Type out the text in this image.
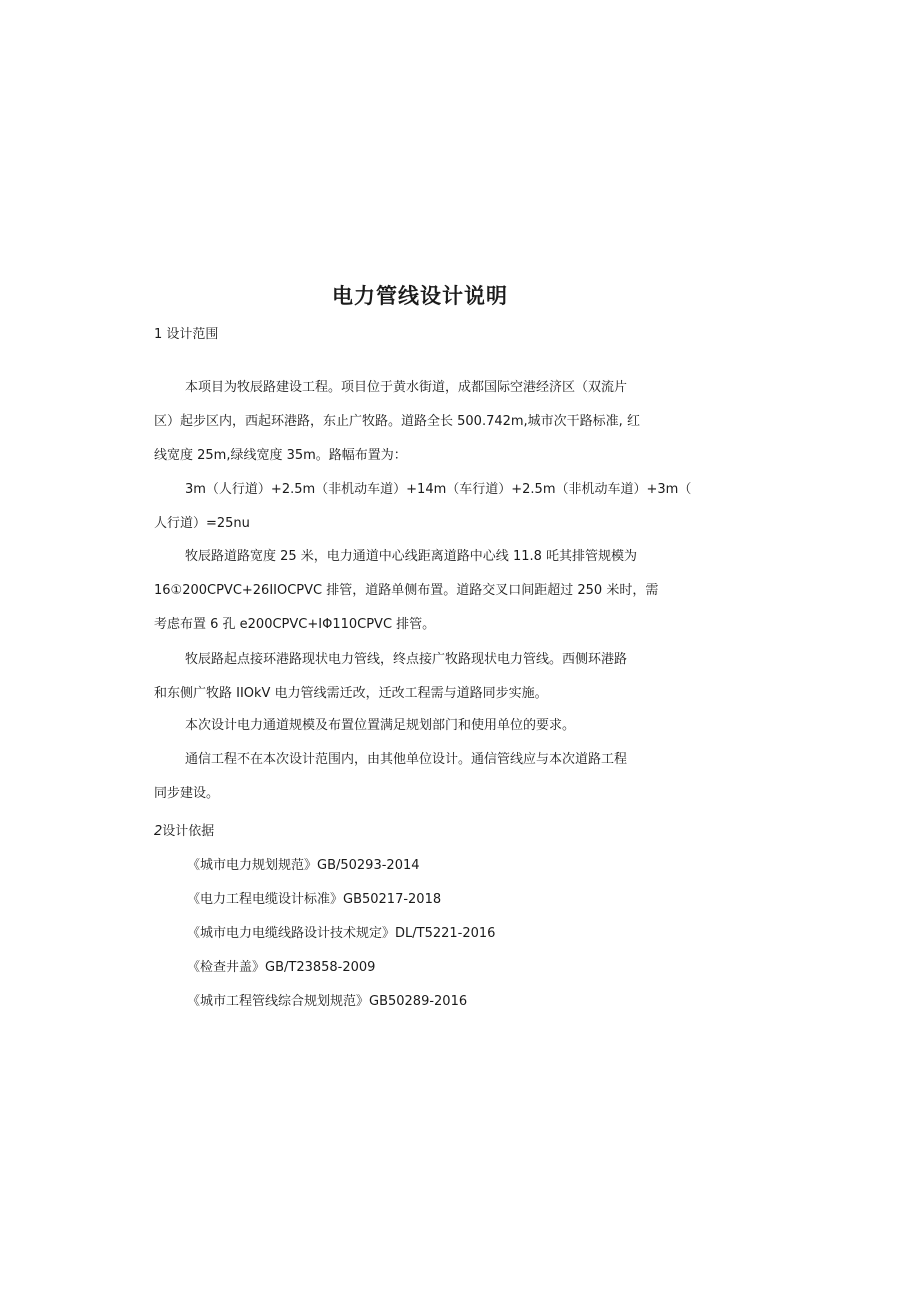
电力管线设计说明
1 设计范围
本项目为牧辰路建设工程。项目位于黄水街道，成都国际空港经济区（双流片
区）起步区内，西起环港路，东止广牧路。道路全长 500.742m,城市次干路标准, 红
线宽度 25m,绿线宽度 35m。路幅布置为：
3m（人行道）+2.5m（非机动车道）+14m（车行道）+2.5m（非机动车道）+3m（
人行道）=25nu
牧辰路道路宽度 25 米，电力通道中心线距离道路中心线 11.8 吒其排管规模为
16①200CPVC+26IIOCPVC 排管，道路单侧布置。道路交叉口间距超过 250 米时，需
考虑布置 6 孔 e200CPVC+IΦ110CPVC 排管。
牧辰路起点接环港路现状电力管线，终点接广牧路现状电力管线。西侧环港路
和东侧广牧路 IIOkV 电力管线需迁改，迁改工程需与道路同步实施。
本次设计电力通道规模及布置位置满足规划部门和使用单位的要求。
通信工程不在本次设计范围内，由其他单位设计。通信管线应与本次道路工程
同步建设。
2设计依据
《城市电力规划规范》GB/50293-2014
《电力工程电缆设计标准》GB50217-2018
《城市电力电缆线路设计技术规定》DL/T5221-2016
《检查井盖》GB/T23858-2009
《城市工程管线综合规划规范》GB50289-2016
